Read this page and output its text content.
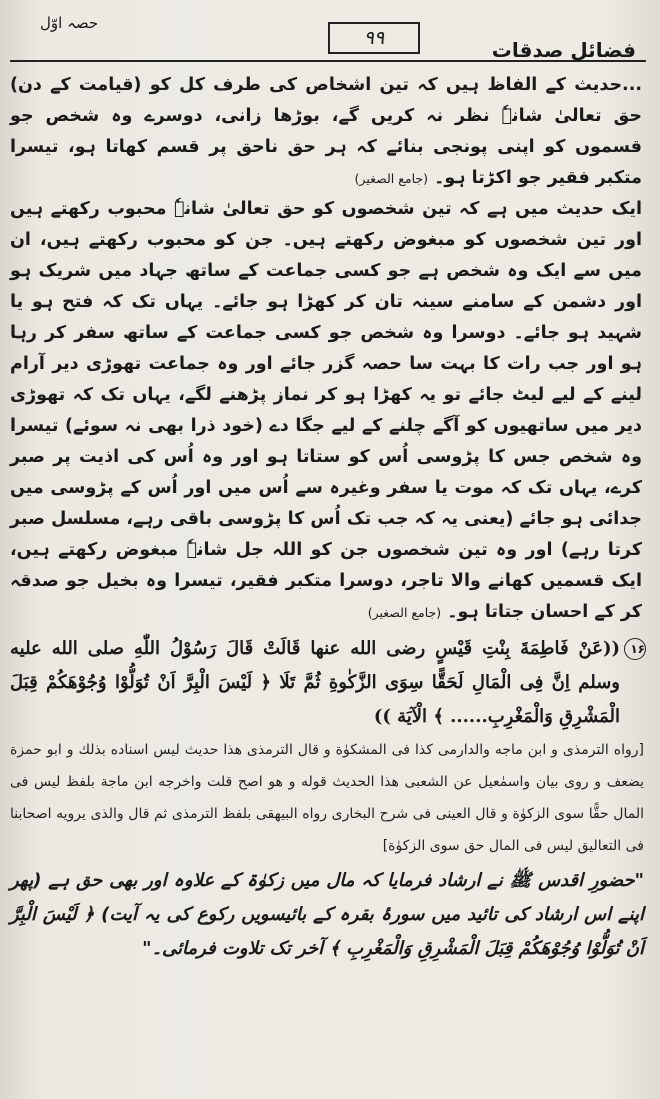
حصہ اوّل
۹۹	فضائل صدقات

...حدیث کے الفاظ ہیں کہ تین اشخاص کی طرف کل کو (قیامت کے دن) حق تعالیٰ شانہٗ نظر نہ کریں گے، بوڑھا زانی، دوسرے وہ شخص جو قسموں کو اپنی پونجی بنائے کہ ہر حق ناحق پر قسم کھاتا ہو، تیسرا متکبر فقیر جو اکڑتا ہو۔ (جامع الصغیر)

ایک حدیث میں ہے کہ تین شخصوں کو حق تعالیٰ شانہٗ محبوب رکھتے ہیں اور تین شخصوں کو مبغوض رکھتے ہیں۔ جن کو محبوب رکھتے ہیں، ان میں سے ایک وہ شخص ہے جو کسی جماعت کے ساتھ جہاد میں شریک ہو اور دشمن کے سامنے سینہ تان کر کھڑا ہو جائے۔ یہاں تک کہ فتح ہو یا شہید ہو جائے۔ دوسرا وہ شخص جو کسی جماعت کے ساتھ سفر کر رہا ہو اور جب رات کا بہت سا حصہ گزر جائے اور وہ جماعت تھوڑی دیر آرام لینے کے لیے لیٹ جائے تو یہ کھڑا ہو کر نماز پڑھنے لگے، یہاں تک کہ تھوڑی دیر میں ساتھیوں کو آگے چلنے کے لیے جگا دے (خود ذرا بھی نہ سوئے) تیسرا وہ شخص جس کا پڑوسی اُس کو ستاتا ہو اور وہ اُس کی اذیت پر صبر کرے، یہاں تک کہ موت یا سفر وغیرہ سے اُس میں اور اُس کے پڑوسی میں جدائی ہو جائے (یعنی یہ کہ جب تک اُس کا پڑوسی باقی رہے، مسلسل صبر کرتا رہے) اور وہ تین شخصوں جن کو اللہ جل شانہٗ مبغوض رکھتے ہیں، ایک قسمیں کھانے والا تاجر، دوسرا متکبر فقیر، تیسرا وہ بخیل جو صدقہ کر کے احسان جتاتا ہو۔ (جامع الصغیر)

۱۶
((عَنْ فَاطِمَةَ بِنْتِ قَيْسٍ رضی الله عنها قَالَتْ قَالَ رَسُوْلُ اللّٰهِ صلی الله علیه وسلم اِنَّ فِی الْمَالِ لَحَقًّا سِوَى الزَّكٰوةِ ثُمَّ تَلَا ﴿ لَيْسَ الْبِرَّ اَنْ تُوَلُّوْا وُجُوْهَكُمْ قِبَلَ الْمَشْرِقِ وَالْمَغْرِبِ...... ﴾ الْآيَة ))
[رواه الترمذی و ابن ماجه والدارمی كذا فی المشكوٰة و قال الترمذی هذا حديث ليس اسناده بذلك و ابو حمزة يضعف و روى بيان واسمٰعيل عن الشعبی هذا الحديث قوله و هو اصح قلت واخرجه ابن ماجة بلفظ ليس فی المال حقًّا سوى الزكوٰة و قال العينی فی شرح البخاری رواه البيهقی بلفظ الترمذی ثم قال والذی يرويه اصحابنا فی التعاليق ليس فی المال حق سوى الزكوٰة]
"حضورِ اقدس ﷺ نے ارشاد فرمایا کہ مال میں زکوٰۃ کے علاوہ اور بھی حق ہے (پھر اپنے اس ارشاد کی تائید میں سورۂ بقرہ کے بائیسویں رکوع کی یہ آیت) ﴿ لَيْسَ الْبِرَّ اَنْ تُوَلُّوْا وُجُوْهَكُمْ قِبَلَ الْمَشْرِقِ وَالْمَغْرِبِ ﴾ آخر تک تلاوت فرمائی۔"
